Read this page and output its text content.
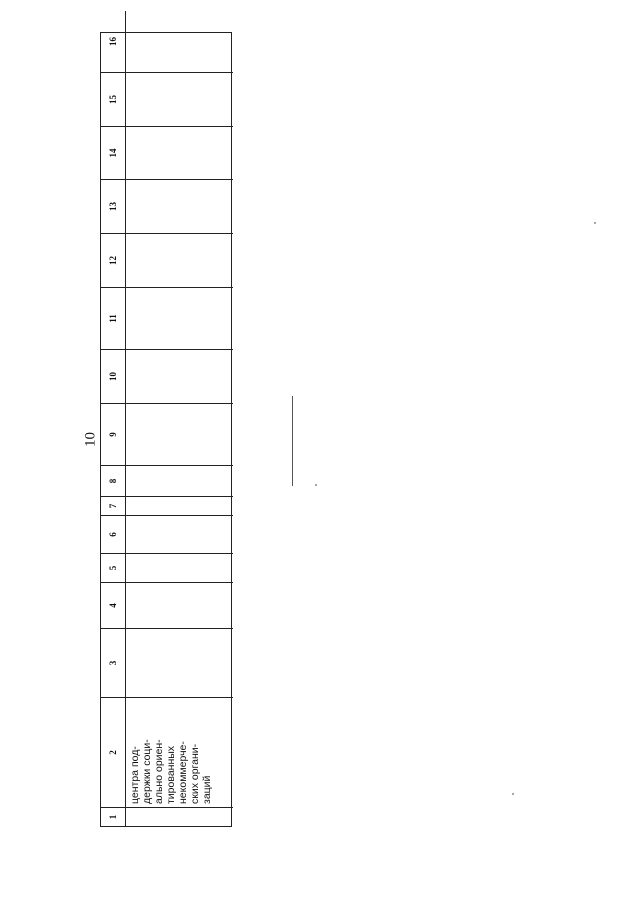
10
1
2
центра под-
держки соци-
ально ориен-
тированных
некоммерче-
ских органи-
заций
3
4
5
6
7
8
9
10
11
12
13
14
15
16
